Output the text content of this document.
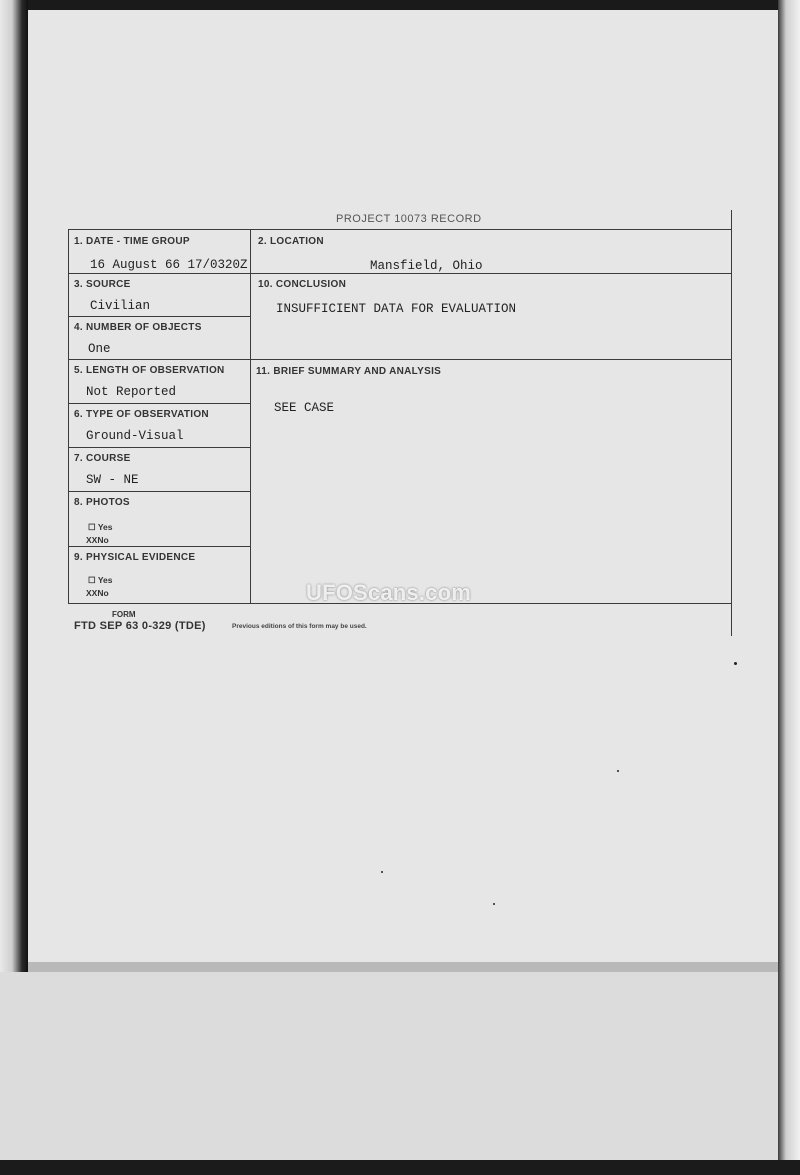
PROJECT 10073 RECORD
1. DATE - TIME GROUP
16 August 66 17/0320Z
2. LOCATION
Mansfield, Ohio
3. SOURCE
Civilian
10. CONCLUSION
INSUFFICIENT DATA FOR EVALUATION
4. NUMBER OF OBJECTS
One
5. LENGTH OF OBSERVATION
Not Reported
11. BRIEF SUMMARY AND ANALYSIS
SEE CASE
6. TYPE OF OBSERVATION
Ground-Visual
7. COURSE
SW - NE
8. PHOTOS
☐ Yes
XXNo
9. PHYSICAL EVIDENCE
☐ Yes
XXNo
FORM
FTD SEP 63 0-329 (TDE)	Previous editions of this form may be used.
UFOScans.com
